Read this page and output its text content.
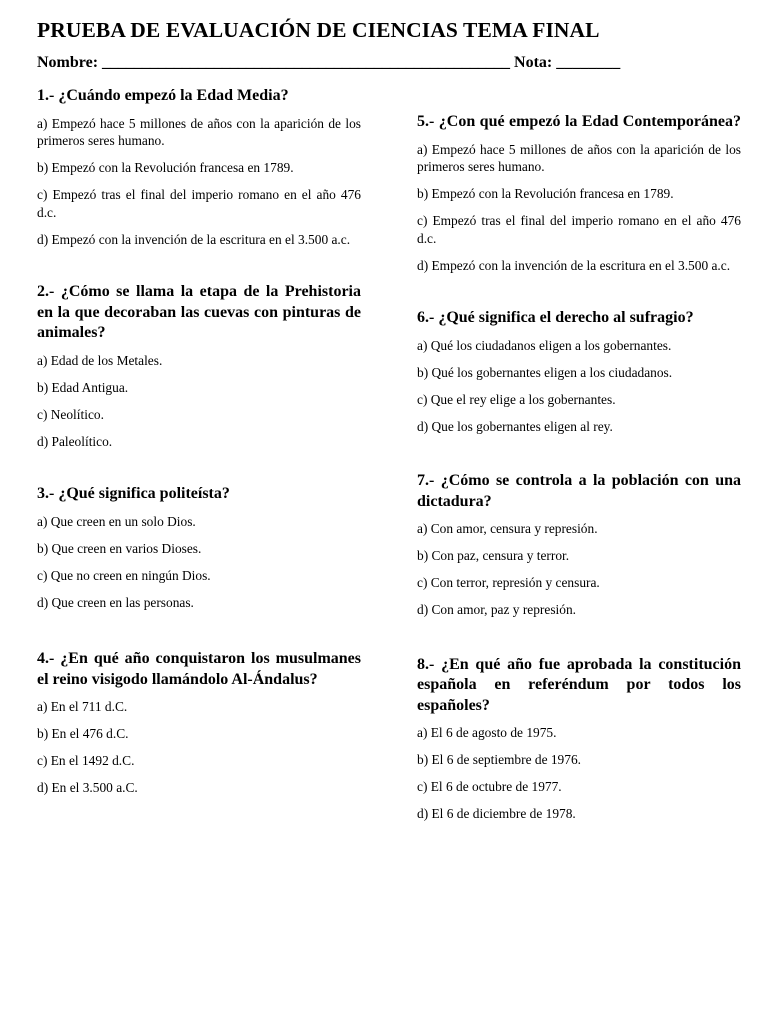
PRUEBA DE EVALUACIÓN DE CIENCIAS TEMA FINAL
Nombre: ___________________________________________________ Nota: ________
1.- ¿Cuándo empezó la Edad Media?
a) Empezó hace 5 millones de años con la aparición de los primeros seres humano.
b) Empezó con la Revolución francesa en 1789.
c) Empezó tras el final del imperio romano en el año 476 d.c.
d) Empezó con la invención de la escritura en el 3.500 a.c.
2.- ¿Cómo se llama la etapa de la Prehistoria en la que decoraban las cuevas con pinturas de animales?
a) Edad de los Metales.
b) Edad Antigua.
c) Neolítico.
d) Paleolítico.
3.- ¿Qué significa politeísta?
a) Que creen en un solo Dios.
b) Que creen en varios Dioses.
c) Que no creen en ningún Dios.
d) Que creen en las personas.
4.- ¿En qué año conquistaron los musulmanes el reino visigodo llamándolo Al-Ándalus?
a) En el 711 d.C.
b) En el 476 d.C.
c) En el 1492 d.C.
d) En el 3.500 a.C.
5.- ¿Con qué empezó la Edad Contemporánea?
a) Empezó hace 5 millones de años con la aparición de los primeros seres humano.
b) Empezó con la Revolución francesa en 1789.
c) Empezó tras el final del imperio romano en el año 476 d.c.
d) Empezó con la invención de la escritura en el 3.500 a.c.
6.- ¿Qué significa el derecho al sufragio?
a) Qué los ciudadanos eligen a los gobernantes.
b) Qué los gobernantes eligen a los ciudadanos.
c) Que el rey elige a los gobernantes.
d) Que los gobernantes eligen al rey.
7.- ¿Cómo se controla a la población con una dictadura?
a) Con amor, censura y represión.
b) Con paz, censura y terror.
c) Con terror, represión y censura.
d) Con amor, paz y represión.
8.- ¿En qué año fue aprobada la constitución española en referéndum por todos los españoles?
a) El 6 de agosto de 1975.
b) El 6 de septiembre de 1976.
c) El 6 de octubre de 1977.
d) El 6 de diciembre de 1978.
